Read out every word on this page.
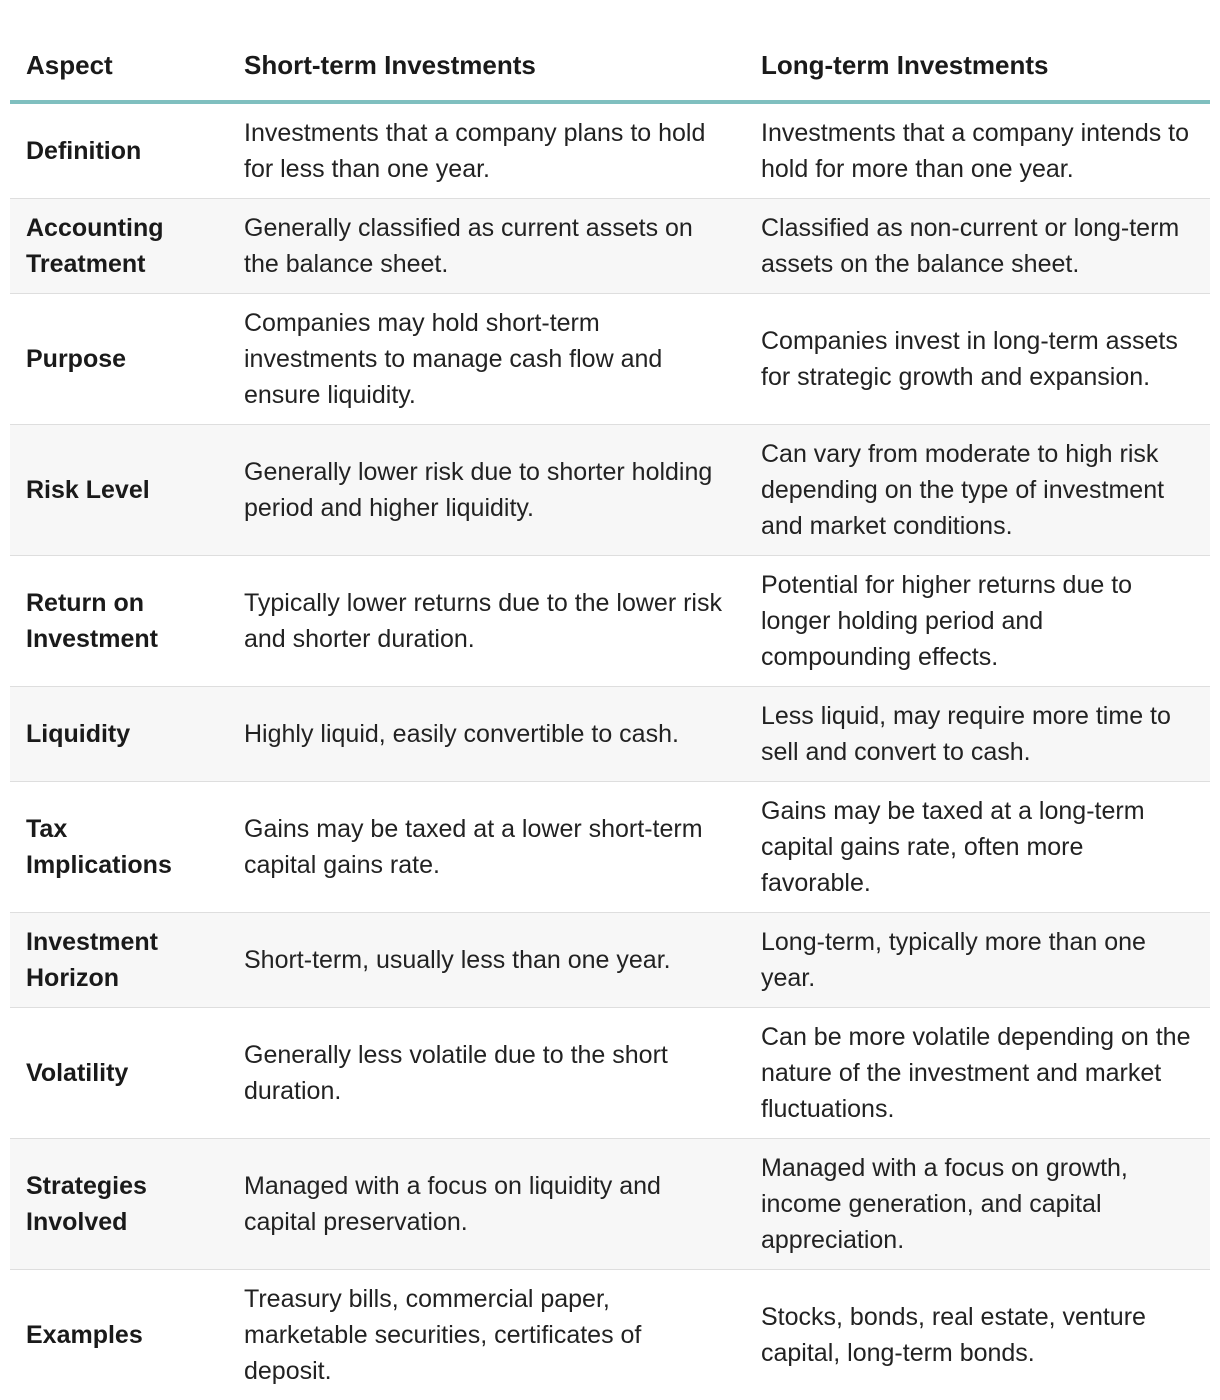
Aspect	Short-term Investments	Long-term Investments
Definition	Investments that a company plans to hold for less than one year.	Investments that a company intends to hold for more than one year.
Accounting Treatment	Generally classified as current assets on the balance sheet.	Classified as non-current or long-term assets on the balance sheet.
Purpose	Companies may hold short-term investments to manage cash flow and ensure liquidity.	Companies invest in long-term assets for strategic growth and expansion.
Risk Level	Generally lower risk due to shorter holding period and higher liquidity.	Can vary from moderate to high risk depending on the type of investment and market conditions.
Return on Investment	Typically lower returns due to the lower risk and shorter duration.	Potential for higher returns due to longer holding period and compounding effects.
Liquidity	Highly liquid, easily convertible to cash.	Less liquid, may require more time to sell and convert to cash.
Tax Implications	Gains may be taxed at a lower short-term capital gains rate.	Gains may be taxed at a long-term capital gains rate, often more favorable.
Investment Horizon	Short-term, usually less than one year.	Long-term, typically more than one year.
Volatility	Generally less volatile due to the short duration.	Can be more volatile depending on the nature of the investment and market fluctuations.
Strategies Involved	Managed with a focus on liquidity and capital preservation.	Managed with a focus on growth, income generation, and capital appreciation.
Examples	Treasury bills, commercial paper, marketable securities, certificates of deposit.	Stocks, bonds, real estate, venture capital, long-term bonds.
